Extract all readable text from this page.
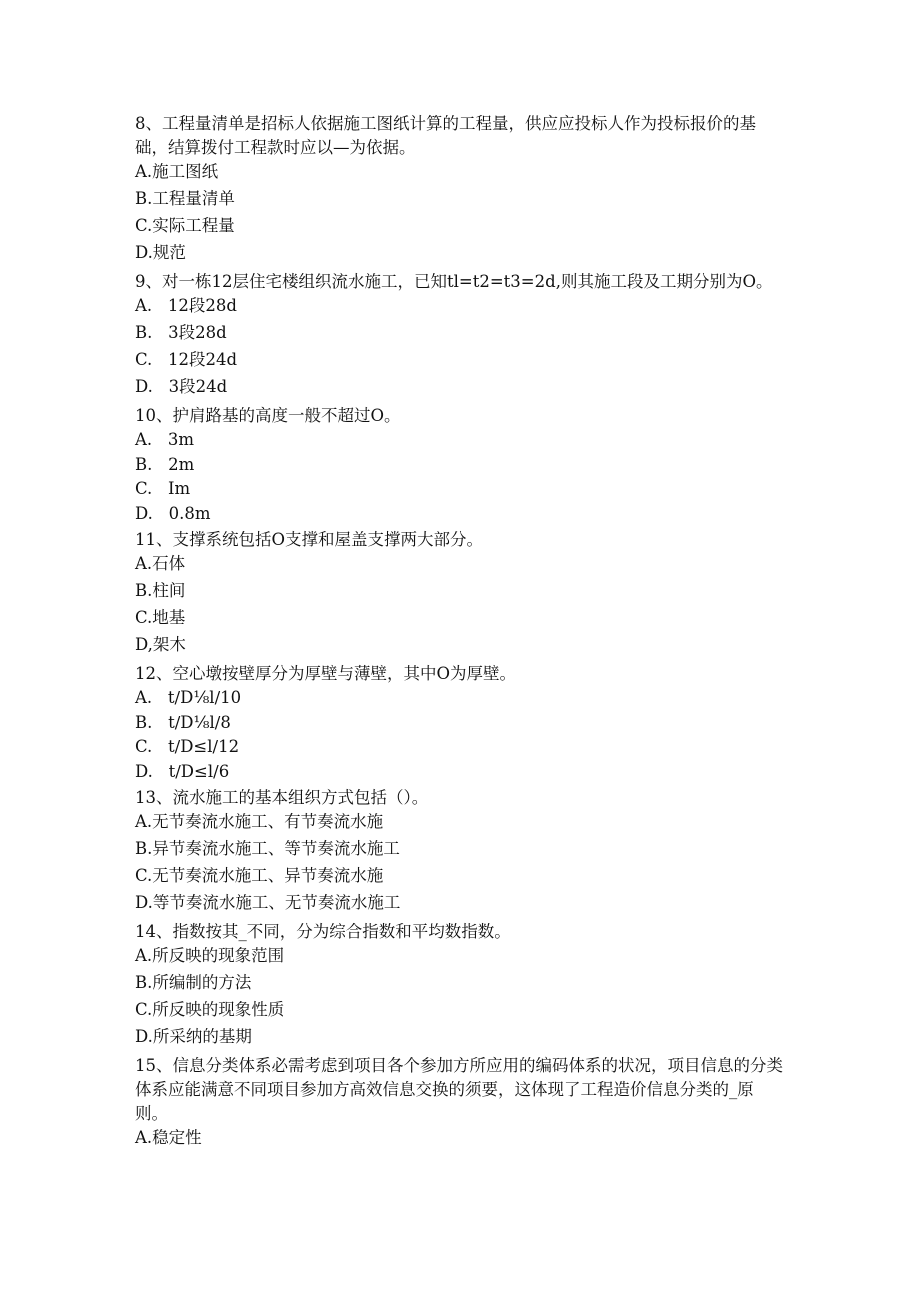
8、工程量清单是招标人依据施工图纸计算的工程量，供应应投标人作为投标报价的基础，结算拨付工程款时应以—为依据。

A.施工图纸

B.工程量清单

C.实际工程量

D.规范

9、对一栋12层住宅楼组织流水施工，已知tl=t2=t3=2d,则其施工段及工期分别为O。

A.   12段28d

B.   3段28d

C.   12段24d

D.   3段24d

10、护肩路基的高度一般不超过O。

A.   3m

B.   2m

C.   Im

D.   0.8m

11、支撑系统包括O支撑和屋盖支撑两大部分。

A.石体

B.柱间

C.地基

D,架木

12、空心墩按壁厚分为厚壁与薄壁，其中O为厚壁。

A.   t∕D⅛l∕10

B.   t∕D⅛l∕8

C.   t∕D≤l∕12

D.   t∕D≤l∕6

13、流水施工的基本组织方式包括（）。

A.无节奏流水施工、有节奏流水施

B.异节奏流水施工、等节奏流水施工

C.无节奏流水施工、异节奏流水施

D.等节奏流水施工、无节奏流水施工

14、指数按其_不同，分为综合指数和平均数指数。

A.所反映的现象范围

B.所编制的方法

C.所反映的现象性质

D.所采纳的基期

15、信息分类体系必需考虑到项目各个参加方所应用的编码体系的状况，项目信息的分类体系应能满意不同项目参加方高效信息交换的须要，这体现了工程造价信息分类的_原则。

A.稳定性
